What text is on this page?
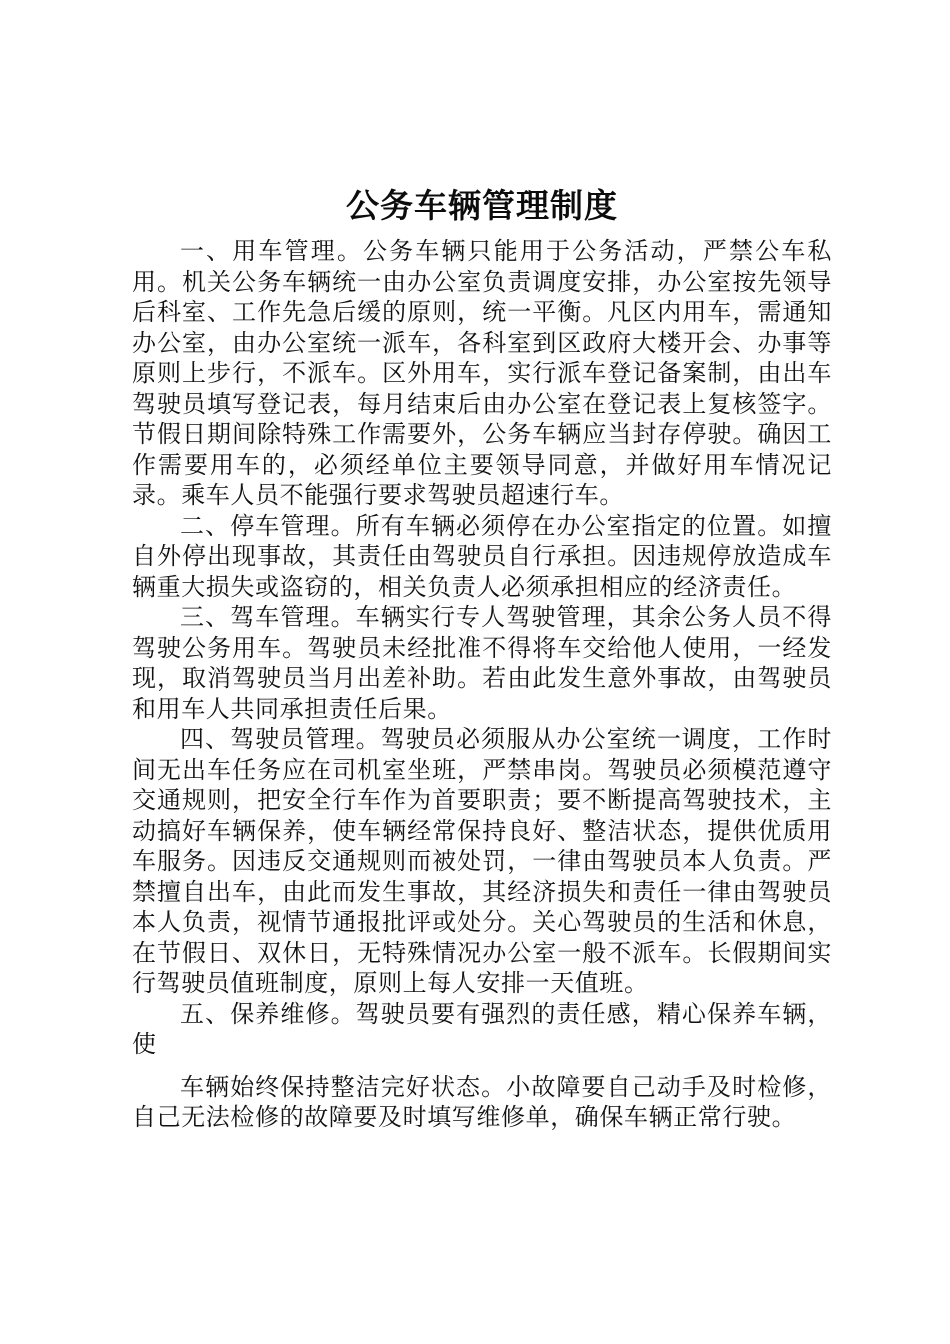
公务车辆管理制度

一、用车管理。公务车辆只能用于公务活动，严禁公车私用。机关公务车辆统一由办公室负责调度安排，办公室按先领导后科室、工作先急后缓的原则，统一平衡。凡区内用车，需通知办公室，由办公室统一派车，各科室到区政府大楼开会、办事等原则上步行，不派车。区外用车，实行派车登记备案制，由出车驾驶员填写登记表，每月结束后由办公室在登记表上复核签字。节假日期间除特殊工作需要外，公务车辆应当封存停驶。确因工作需要用车的，必须经单位主要领导同意，并做好用车情况记录。乘车人员不能强行要求驾驶员超速行车。

二、停车管理。所有车辆必须停在办公室指定的位置。如擅自外停出现事故，其责任由驾驶员自行承担。因违规停放造成车辆重大损失或盗窃的，相关负责人必须承担相应的经济责任。

三、驾车管理。车辆实行专人驾驶管理，其余公务人员不得驾驶公务用车。驾驶员未经批准不得将车交给他人使用，一经发现，取消驾驶员当月出差补助。若由此发生意外事故，由驾驶员和用车人共同承担责任后果。

四、驾驶员管理。驾驶员必须服从办公室统一调度，工作时间无出车任务应在司机室坐班，严禁串岗。驾驶员必须模范遵守交通规则，把安全行车作为首要职责；要不断提高驾驶技术，主动搞好车辆保养，使车辆经常保持良好、整洁状态，提供优质用车服务。因违反交通规则而被处罚，一律由驾驶员本人负责。严禁擅自出车，由此而发生事故，其经济损失和责任一律由驾驶员本人负责，视情节通报批评或处分。关心驾驶员的生活和休息，在节假日、双休日，无特殊情况办公室一般不派车。长假期间实行驾驶员值班制度，原则上每人安排一天值班。

五、保养维修。驾驶员要有强烈的责任感，精心保养车辆，使

车辆始终保持整洁完好状态。小故障要自己动手及时检修，自己无法检修的故障要及时填写维修单，确保车辆正常行驶。
